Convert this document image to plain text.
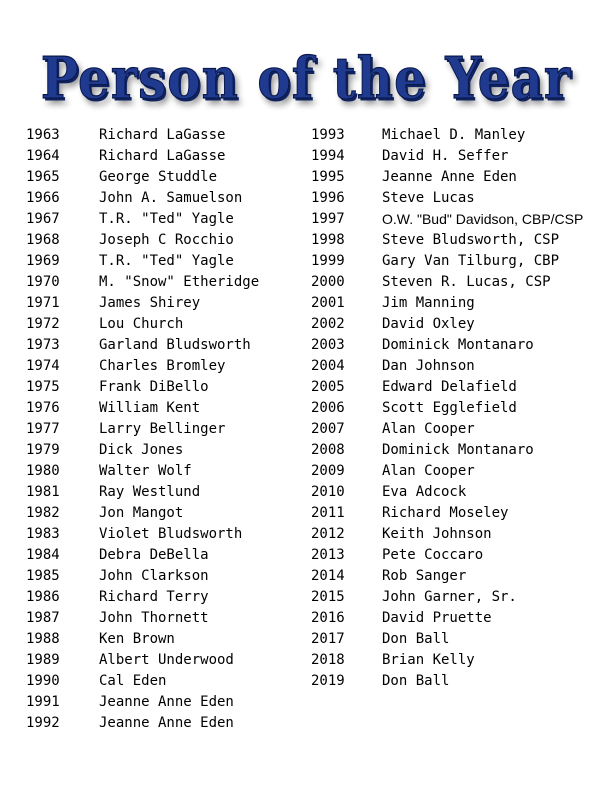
Person of the Year
1963	Richard LaGasse
1964	Richard LaGasse
1965	George Studdle
1966	John A. Samuelson
1967	T.R. "Ted" Yagle
1968	Joseph C Rocchio
1969	T.R. "Ted" Yagle
1970	M. "Snow" Etheridge
1971	James Shirey
1972	Lou Church
1973	Garland Bludsworth
1974	Charles Bromley
1975	Frank DiBello
1976	William Kent
1977	Larry Bellinger
1979	Dick Jones
1980	Walter Wolf
1981	Ray Westlund
1982	Jon Mangot
1983	Violet Bludsworth
1984	Debra DeBella
1985	John Clarkson
1986	Richard Terry
1987	John Thornett
1988	Ken Brown
1989	Albert Underwood
1990	Cal Eden
1991	Jeanne Anne Eden
1992	Jeanne Anne Eden
1993	Michael D. Manley
1994	David H. Seffer
1995	Jeanne Anne Eden
1996	Steve Lucas
1997	O.W. "Bud" Davidson, CBP/CSP
1998	Steve Bludsworth, CSP
1999	Gary Van Tilburg, CBP
2000	Steven R. Lucas, CSP
2001	Jim Manning
2002	David Oxley
2003	Dominick Montanaro
2004	Dan Johnson
2005	Edward Delafield
2006	Scott Egglefield
2007	Alan Cooper
2008	Dominick Montanaro
2009	Alan Cooper
2010	Eva Adcock
2011	Richard Moseley
2012	Keith Johnson
2013	Pete Coccaro
2014	Rob Sanger
2015	John Garner, Sr.
2016	David Pruette
2017	Don Ball
2018	Brian Kelly
2019	Don Ball
